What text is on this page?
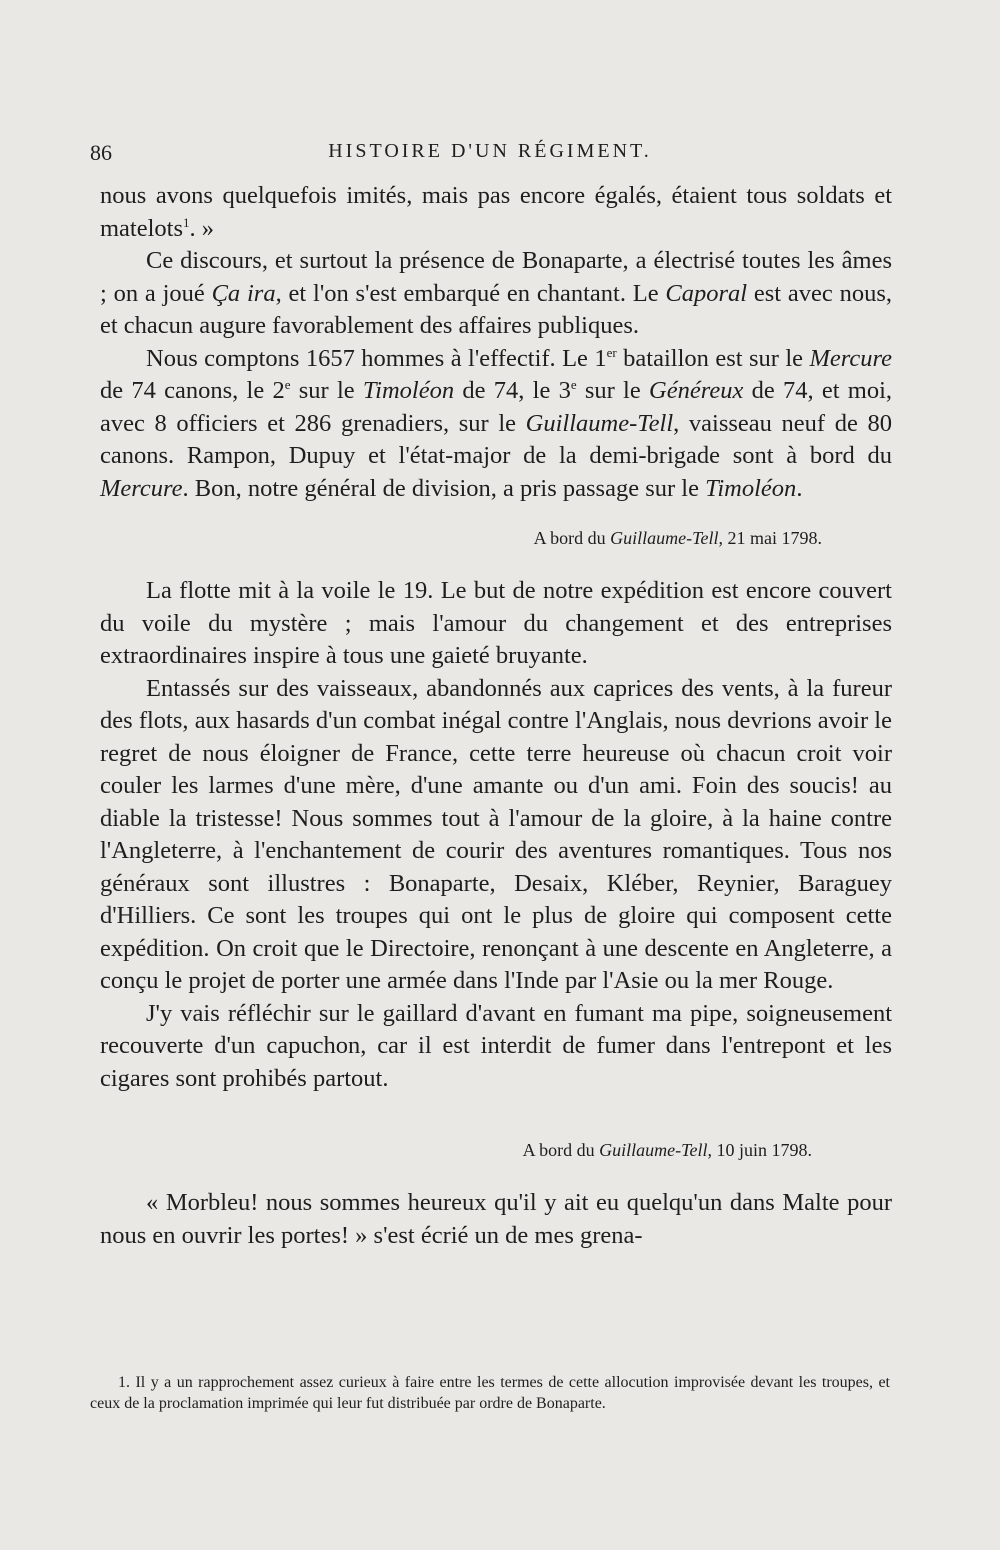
86	HISTOIRE D'UN RÉGIMENT.

nous avons quelquefois imités, mais pas encore égalés, étaient tous soldats et matelots$^1$. »

Ce discours, et surtout la présence de Bonaparte, a électrisé toutes les âmes ; on a joué Ça ira, et l'on s'est embarqué en chantant. Le Caporal est avec nous, et chacun augure favorablement des affaires publiques.

Nous comptons 1657 hommes à l'effectif. Le 1er bataillon est sur le Mercure de 74 canons, le 2e sur le Timoléon de 74, le 3e sur le Généreux de 74, et moi, avec 8 officiers et 286 grenadiers, sur le Guillaume-Tell, vaisseau neuf de 80 canons. Rampon, Dupuy et l'état-major de la demi-brigade sont à bord du Mercure. Bon, notre général de division, a pris passage sur le Timoléon.

A bord du Guillaume-Tell, 21 mai 1798.

La flotte mit à la voile le 19. Le but de notre expédition est encore couvert du voile du mystère ; mais l'amour du changement et des entreprises extraordinaires inspire à tous une gaieté bruyante.

Entassés sur des vaisseaux, abandonnés aux caprices des vents, à la fureur des flots, aux hasards d'un combat inégal contre l'Anglais, nous devrions avoir le regret de nous éloigner de France, cette terre heureuse où chacun croit voir couler les larmes d'une mère, d'une amante ou d'un ami. Foin des soucis! au diable la tristesse! Nous sommes tout à l'amour de la gloire, à la haine contre l'Angleterre, à l'enchantement de courir des aventures romantiques. Tous nos généraux sont illustres : Bonaparte, Desaix, Kléber, Reynier, Baraguey d'Hilliers. Ce sont les troupes qui ont le plus de gloire qui composent cette expédition. On croit que le Directoire, renonçant à une descente en Angleterre, a conçu le projet de porter une armée dans l'Inde par l'Asie ou la mer Rouge.

J'y vais réfléchir sur le gaillard d'avant en fumant ma pipe, soigneusement recouverte d'un capuchon, car il est interdit de fumer dans l'entrepont et les cigares sont prohibés partout.

A bord du Guillaume-Tell, 10 juin 1798.

« Morbleu! nous sommes heureux qu'il y ait eu quelqu'un dans Malte pour nous en ouvrir les portes! » s'est écrié un de mes grena-

1. Il y a un rapprochement assez curieux à faire entre les termes de cette allocution improvisée devant les troupes, et ceux de la proclamation imprimée qui leur fut distribuée par ordre de Bonaparte.
